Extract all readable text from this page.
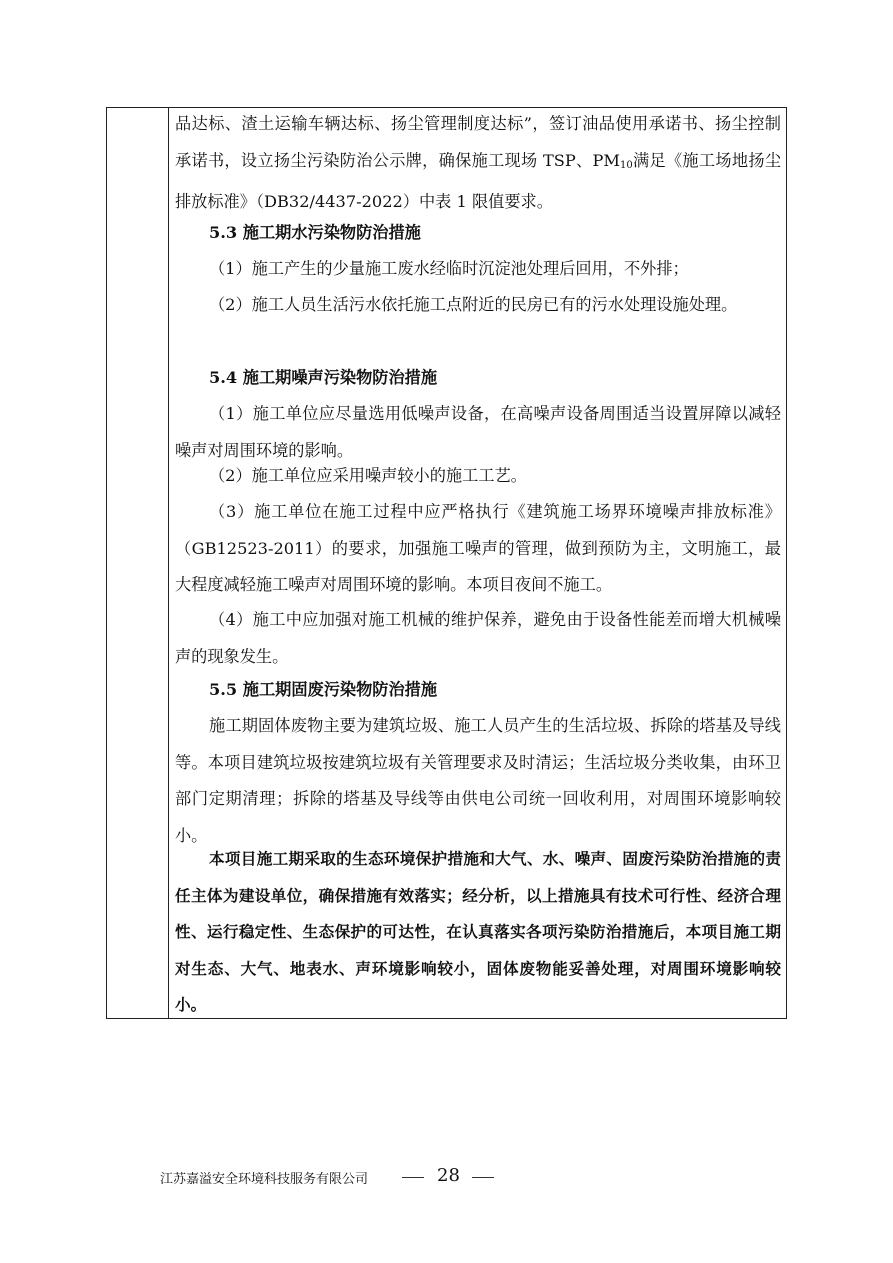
品达标、渣土运输车辆达标、扬尘管理制度达标”，签订油品使用承诺书、扬尘控制承诺书，设立扬尘污染防治公示牌，确保施工现场 TSP、$PM_{10}$满足《施工场地扬尘排放标准》（DB32/4437-2022）中表 1 限值要求。

5.3 施工期水污染物防治措施

（1）施工产生的少量施工废水经临时沉淀池处理后回用，不外排；

（2）施工人员生活污水依托施工点附近的民房已有的污水处理设施处理。

5.4 施工期噪声污染物防治措施

（1）施工单位应尽量选用低噪声设备，在高噪声设备周围适当设置屏障以减轻噪声对周围环境的影响。

（2）施工单位应采用噪声较小的施工工艺。

（3）施工单位在施工过程中应严格执行《建筑施工场界环境噪声排放标准》（GB12523-2011）的要求，加强施工噪声的管理，做到预防为主，文明施工，最大程度减轻施工噪声对周围环境的影响。本项目夜间不施工。

（4）施工中应加强对施工机械的维护保养，避免由于设备性能差而增大机械噪声的现象发生。

5.5 施工期固废污染物防治措施

施工期固体废物主要为建筑垃圾、施工人员产生的生活垃圾、拆除的塔基及导线等。本项目建筑垃圾按建筑垃圾有关管理要求及时清运；生活垃圾分类收集，由环卫部门定期清理；拆除的塔基及导线等由供电公司统一回收利用，对周围环境影响较小。

本项目施工期采取的生态环境保护措施和大气、水、噪声、固废污染防治措施的责任主体为建设单位，确保措施有效落实；经分析，以上措施具有技术可行性、经济合理性、运行稳定性、生态保护的可达性，在认真落实各项污染防治措施后，本项目施工期对生态、大气、地表水、声环境影响较小，固体废物能妥善处理，对周围环境影响较小。

江苏嘉溢安全环境科技服务有限公司	28
